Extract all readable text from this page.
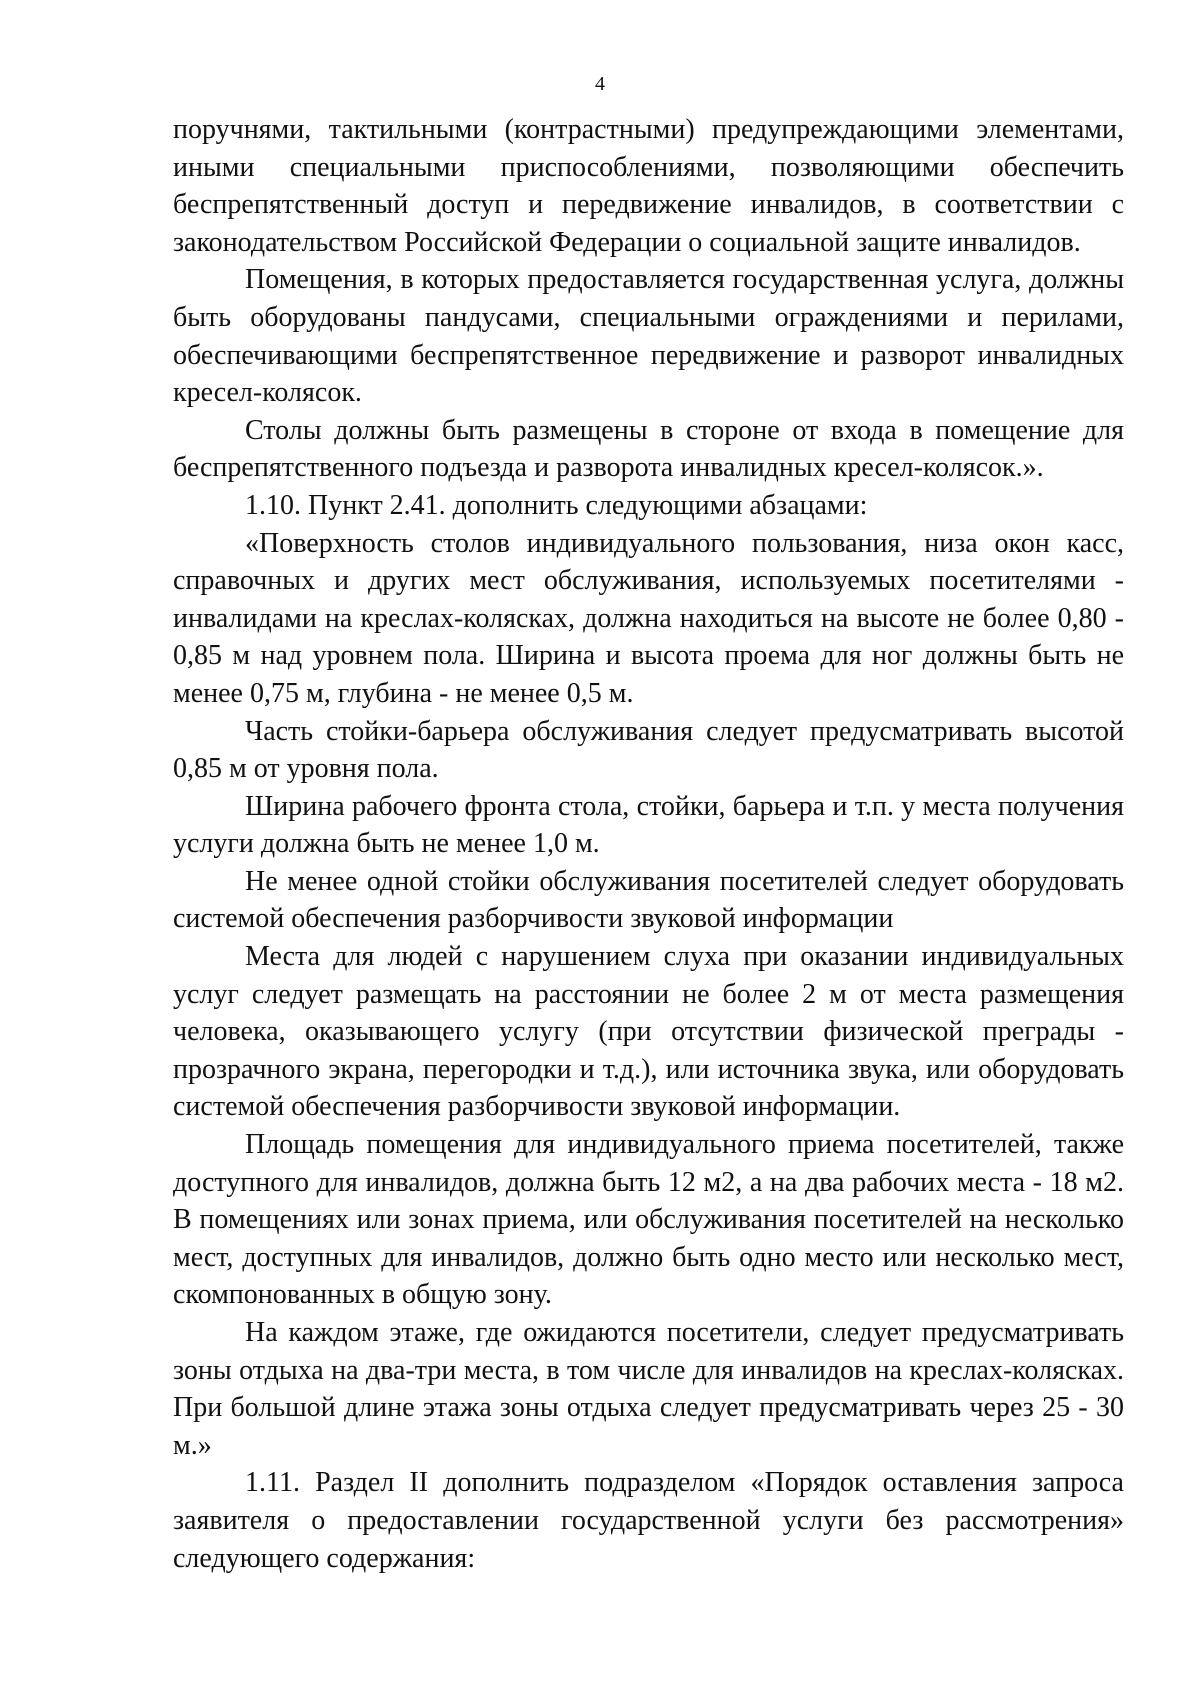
4

поручнями, тактильными (контрастными) предупреждающими элементами, иными специальными приспособлениями, позволяющими обеспечить беспрепятственный доступ и передвижение инвалидов, в соответствии с законодательством Российской Федерации о социальной защите инвалидов.

Помещения, в которых предоставляется государственная услуга, должны быть оборудованы пандусами, специальными ограждениями и перилами, обеспечивающими беспрепятственное передвижение и разворот инвалидных кресел-колясок.

Столы должны быть размещены в стороне от входа в помещение для беспрепятственного подъезда и разворота инвалидных кресел-колясок.».

1.10. Пункт 2.41. дополнить следующими абзацами:

«Поверхность столов индивидуального пользования, низа окон касс, справочных и других мест обслуживания, используемых посетителями - инвалидами на креслах-колясках, должна находиться на высоте не более 0,80 - 0,85 м над уровнем пола. Ширина и высота проема для ног должны быть не менее 0,75 м, глубина - не менее 0,5 м.

Часть стойки-барьера обслуживания следует предусматривать высотой 0,85 м от уровня пола.

Ширина рабочего фронта стола, стойки, барьера и т.п. у места получения услуги должна быть не менее 1,0 м.

Не менее одной стойки обслуживания посетителей следует оборудовать системой обеспечения разборчивости звуковой информации

Места для людей с нарушением слуха при оказании индивидуальных услуг следует размещать на расстоянии не более 2 м от места размещения человека, оказывающего услугу (при отсутствии физической преграды - прозрачного экрана, перегородки и т.д.), или источника звука, или оборудовать системой обеспечения разборчивости звуковой информации.

Площадь помещения для индивидуального приема посетителей, также доступного для инвалидов, должна быть 12 м2, а на два рабочих места - 18 м2. В помещениях или зонах приема, или обслуживания посетителей на несколько мест, доступных для инвалидов, должно быть одно место или несколько мест, скомпонованных в общую зону.

На каждом этаже, где ожидаются посетители, следует предусматривать зоны отдыха на два-три места, в том числе для инвалидов на креслах-колясках. При большой длине этажа зоны отдыха следует предусматривать через 25 - 30 м.»

1.11. Раздел II дополнить подразделом «Порядок оставления запроса заявителя о предоставлении государственной услуги без рассмотрения» следующего содержания:
